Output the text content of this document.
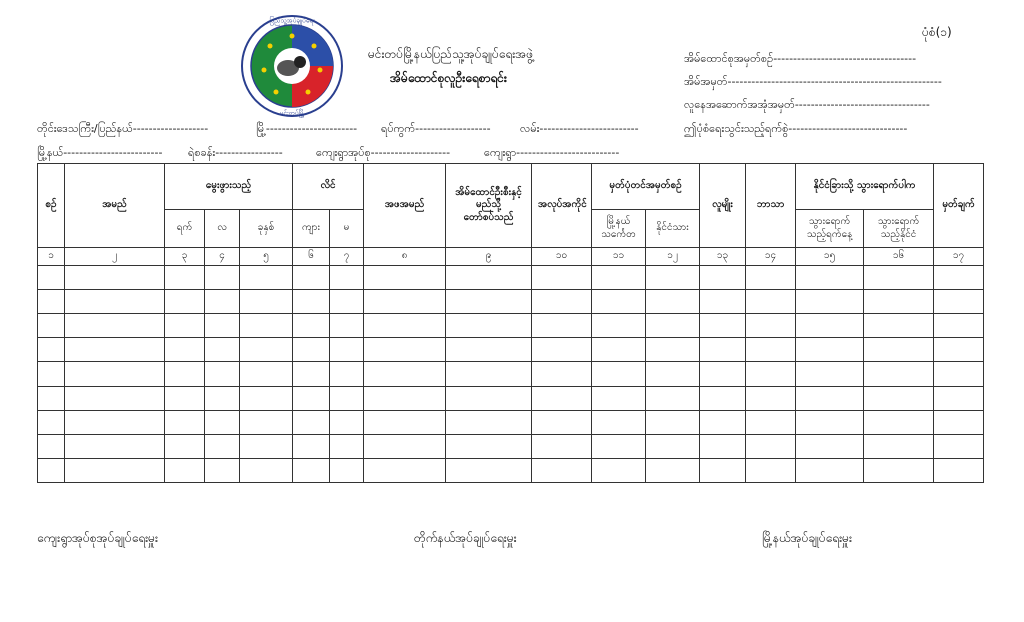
ပုံစံ(၁)
ပြည်သူ့အုပ်ချုပ်ရေး
မင်းတပ်မြို့
မင်းတပ်မြို့နယ်ပြည်သူ့အုပ်ချုပ်ရေးအဖွဲ့
အိမ်ထောင်စုလူဦးရေစာရင်း
အိမ်ထောင်စုအမှတ်စဉ်------------------------------------
အိမ်အမှတ်------------------------------------------------------
လူနေအဆောက်အအုံအမှတ်----------------------------------
တိုင်းဒေသကြီး/ပြည်နယ်-------------------	မြို့----------------------- ရပ်ကွက်-------------------	လမ်း-------------------------	ဤပုံစံရေးသွင်းသည့်ရက်စွဲ------------------------------
မြို့နယ်------------------------- ရဲစခန်း-----------------	ကျေးရွာအုပ်စု--------------------	ကျေးရွာ--------------------------
စဉ်	အမည်	မွေးဖွားသည့်			လိင်		အဖအမည်	အိမ်ထောင်ဦးစီးနှင့်မည်သို့တော်စပ်သည်	အလုပ်အကိုင်	မှတ်ပုံတင်အမှတ်စဉ်		လူမျိုး	ဘာသာ	နိုင်ငံခြားသို့ သွားရောက်ပါက		မှတ်ချက်
		ရက်	လ	ခုနှစ်	ကျား	မ				မြို့နယ်သင်္ကေတ	နိုင်ငံသား			သွားရောက်သည့်ရက်နေ့	သွားရောက်သည့်နိုင်ငံ	
၁	၂	၃	၄	၅	၆	၇	၈	၉	၁၀	၁၁	၁၂	၁၃	၁၄	၁၅	၁၆	၁၇

ကျေးရွာအုပ်စုအုပ်ချုပ်ရေးမှူး	တိုက်နယ်အုပ်ချုပ်ရေးမှူး	မြို့နယ်အုပ်ချုပ်ရေးမှူး
